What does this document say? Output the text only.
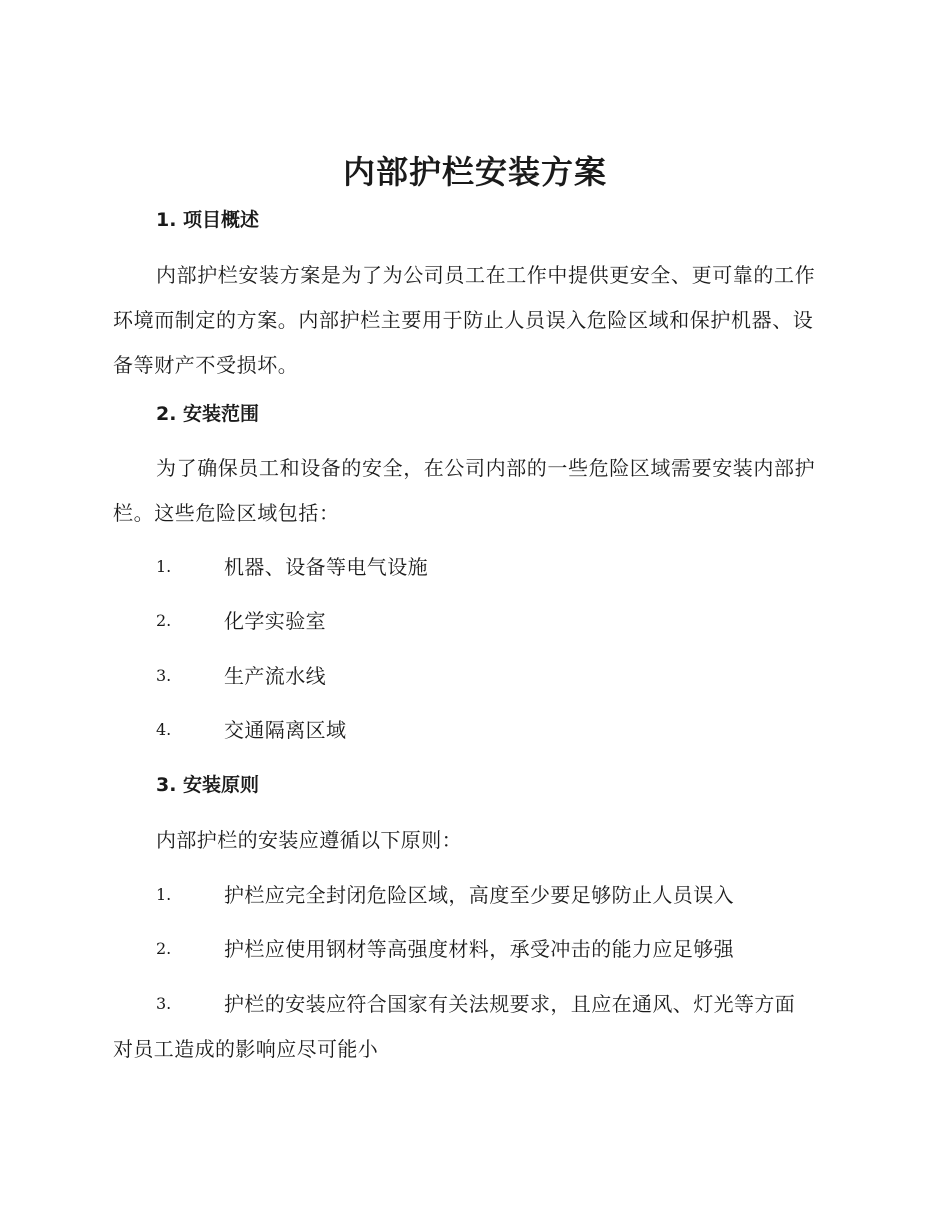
内部护栏安装方案
1. 项目概述
内部护栏安装方案是为了为公司员工在工作中提供更安全、更可靠的工作环境而制定的方案。内部护栏主要用于防止人员误入危险区域和保护机器、设备等财产不受损坏。
2. 安装范围
为了确保员工和设备的安全，在公司内部的一些危险区域需要安装内部护栏。这些危险区域包括：
1.	机器、设备等电气设施
2.	化学实验室
3.	生产流水线
4.	交通隔离区域
3. 安装原则
内部护栏的安装应遵循以下原则：
1.	护栏应完全封闭危险区域，高度至少要足够防止人员误入
2.	护栏应使用钢材等高强度材料，承受冲击的能力应足够强
3.	护栏的安装应符合国家有关法规要求，且应在通风、灯光等方面
对员工造成的影响应尽可能小
